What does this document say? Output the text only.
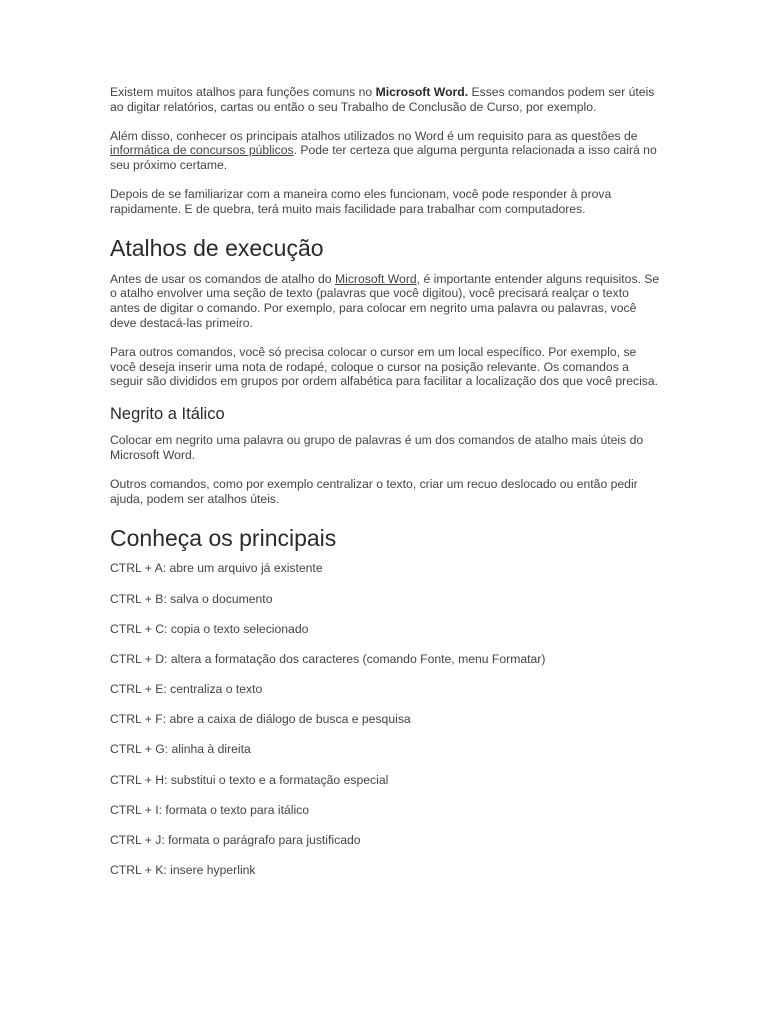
Existem muitos atalhos para funções comuns no Microsoft Word. Esses comandos podem ser úteis ao digitar relatórios, cartas ou então o seu Trabalho de Conclusão de Curso, por exemplo.

Além disso, conhecer os principais atalhos utilizados no Word é um requisito para as questões de informática de concursos públicos. Pode ter certeza que alguma pergunta relacionada a isso cairá no seu próximo certame.

Depois de se familiarizar com a maneira como eles funcionam, você pode responder à prova rapidamente. E de quebra, terá muito mais facilidade para trabalhar com computadores.

Atalhos de execução

Antes de usar os comandos de atalho do Microsoft Word, é importante entender alguns requisitos. Se o atalho envolver uma seção de texto (palavras que você digitou), você precisará realçar o texto antes de digitar o comando. Por exemplo, para colocar em negrito uma palavra ou palavras, você deve destacá-las primeiro.

Para outros comandos, você só precisa colocar o cursor em um local específico. Por exemplo, se você deseja inserir uma nota de rodapé, coloque o cursor na posição relevante. Os comandos a seguir são divididos em grupos por ordem alfabética para facilitar a localização dos que você precisa.

Negrito a Itálico

Colocar em negrito uma palavra ou grupo de palavras é um dos comandos de atalho mais úteis do Microsoft Word.

Outros comandos, como por exemplo centralizar o texto, criar um recuo deslocado ou então pedir ajuda, podem ser atalhos úteis.

Conheça os principais

CTRL + A: abre um arquivo já existente

CTRL + B: salva o documento

CTRL + C: copia o texto selecionado

CTRL + D: altera a formatação dos caracteres (comando Fonte, menu Formatar)

CTRL + E: centraliza o texto

CTRL + F: abre a caixa de diálogo de busca e pesquisa

CTRL + G: alinha à direita

CTRL + H: substitui o texto e a formatação especial

CTRL + I: formata o texto para itálico

CTRL + J: formata o parágrafo para justificado

CTRL + K: insere hyperlink
